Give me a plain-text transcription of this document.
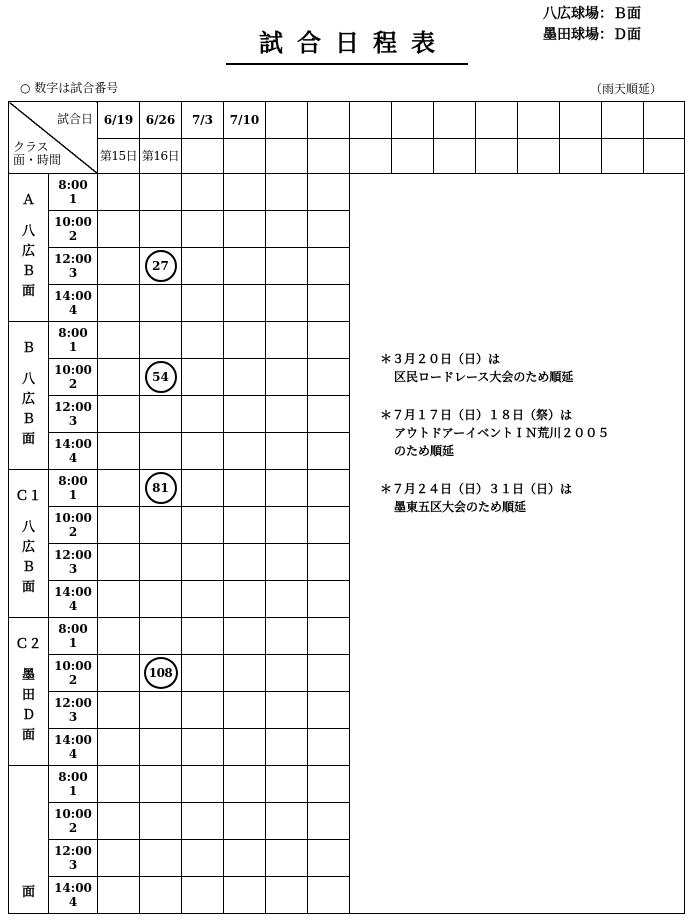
八広球場：Ｂ面
墨田球場：Ｄ面
試合日程表
○ 数字は試合番号	（雨天順延）
試合日
クラス
面・時間		6/19	6/26	7/3	7/10										
		第15日	第16日												

Ａ
八広Ｂ面	8:00
1														

	10:00
2														

	12:00
3		27												

	14:00
4														

Ｂ
八広Ｂ面	8:00
1														

	10:00
2		54												

	12:00
3														

	14:00
4														

Ｃ１
八広Ｂ面	8:00
1		81												

	10:00
2														

	12:00
3														

	14:00
4														

Ｃ２
墨田Ｄ面	8:00
1														

	10:00
2		108												

	12:00
3														

	14:00
4														

面	8:00
1														

	10:00
2														

	12:00
3														

	14:00
4														

＊３月２０日（日）は
区民ロードレース大会のため順延
＊７月１７日（日）１８日（祭）は
アウトドアーイベントＩＮ荒川２００５
のため順延
＊７月２４日（日）３１日（日）は
墨東五区大会のため順延
